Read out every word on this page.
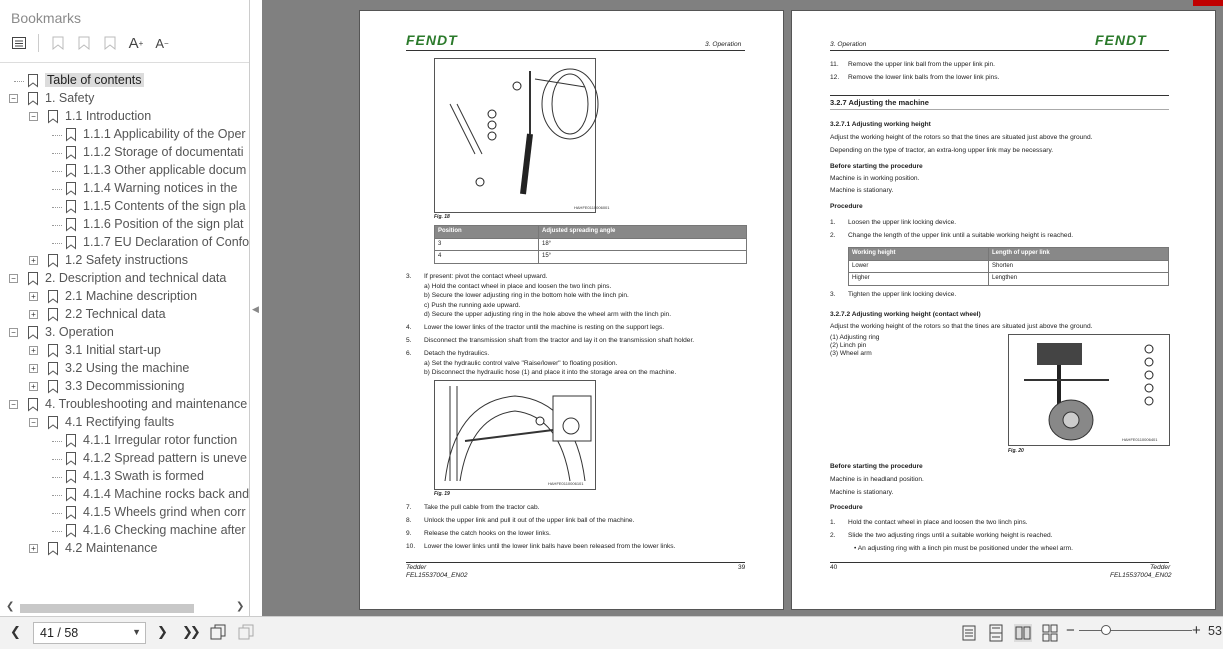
Bookmarks
A + A −
Table of contents
− 1. Safety
− 1.1 Introduction
1.1.1 Applicability of the Oper
1.1.2 Storage of documentati
1.1.3 Other applicable docum
1.1.4 Warning notices in the
1.1.5 Contents of the sign pla
1.1.6 Position of the sign plat
1.1.7 EU Declaration of Confo
+ 1.2 Safety instructions
− 2. Description and technical data
+ 2.1 Machine description
+ 2.2 Technical data
− 3. Operation
+ 3.1 Initial start-up
+ 3.2 Using the machine
+ 3.3 Decommissioning
− 4. Troubleshooting and maintenance
− 4.1 Rectifying faults
4.1.1 Irregular rotor function
4.1.2 Spread pattern is uneve
4.1.3 Swath is formed
4.1.4 Machine rocks back and
4.1.5 Wheels grind when corr
4.1.6 Checking machine after
+ 4.2 Maintenance
❮	❯
◀
FENDT	3. Operation
HAHFE0110006001
Fig. 18
Position	Adjusted spreading angle
3	18°
4	15°
3. If present: pivot the contact wheel upward.
a) Hold the contact wheel in place and loosen the two linch pins.
b) Secure the lower adjusting ring in the bottom hole with the linch pin.
c) Push the running axle upward.
d) Secure the upper adjusting ring in the hole above the wheel arm with the linch pin.
4. Lower the lower links of the tractor until the machine is resting on the support legs.
5. Disconnect the transmission shaft from the tractor and lay it on the transmission shaft holder.
6. Detach the hydraulics.
a) Set the hydraulic control valve "Raise/lower" to floating position.
b) Disconnect the hydraulic hose (1) and place it into the storage area on the machine.
HAHFE0110006101
Fig. 19
7. Take the pull cable from the tractor cab.
8. Unlock the upper link and pull it out of the upper link ball of the machine.
9. Release the catch hooks on the lower links.
10. Lower the lower links until the lower link balls have been released from the lower links.
Tedder
FEL15537004_EN02
39
3. Operation	FENDT
11. Remove the upper link ball from the upper link pin.
12. Remove the lower link balls from the lower link pins.
3.2.7 Adjusting the machine
3.2.7.1 Adjusting working height
Adjust the working height of the rotors so that the tines are situated just above the ground.
Depending on the type of tractor, an extra-long upper link may be necessary.
Before starting the procedure
Machine is in working position.
Machine is stationary.
Procedure
1. Loosen the upper link locking device.
2. Change the length of the upper link until a suitable working height is reached.
Working height	Length of upper link
Lower	Shorten
Higher	Lengthen
3. Tighten the upper link locking device.
3.2.7.2 Adjusting working height (contact wheel)
Adjust the working height of the rotors so that the tines are situated just above the ground.
(1) Adjusting ring
(2) Linch pin
(3) Wheel arm
HAHFE0110006401
Fig. 20
Before starting the procedure
Machine is in headland position.
Machine is stationary.
Procedure
1. Hold the contact wheel in place and loosen the two linch pins.
2. Slide the two adjusting rings until a suitable working height is reached.
• An adjusting ring with a linch pin must be positioned under the wheel arm.
40	Tedder
FEL15537004_EN02
❮	41 / 58	▼ ❯ ❯❯	−	+ 53
